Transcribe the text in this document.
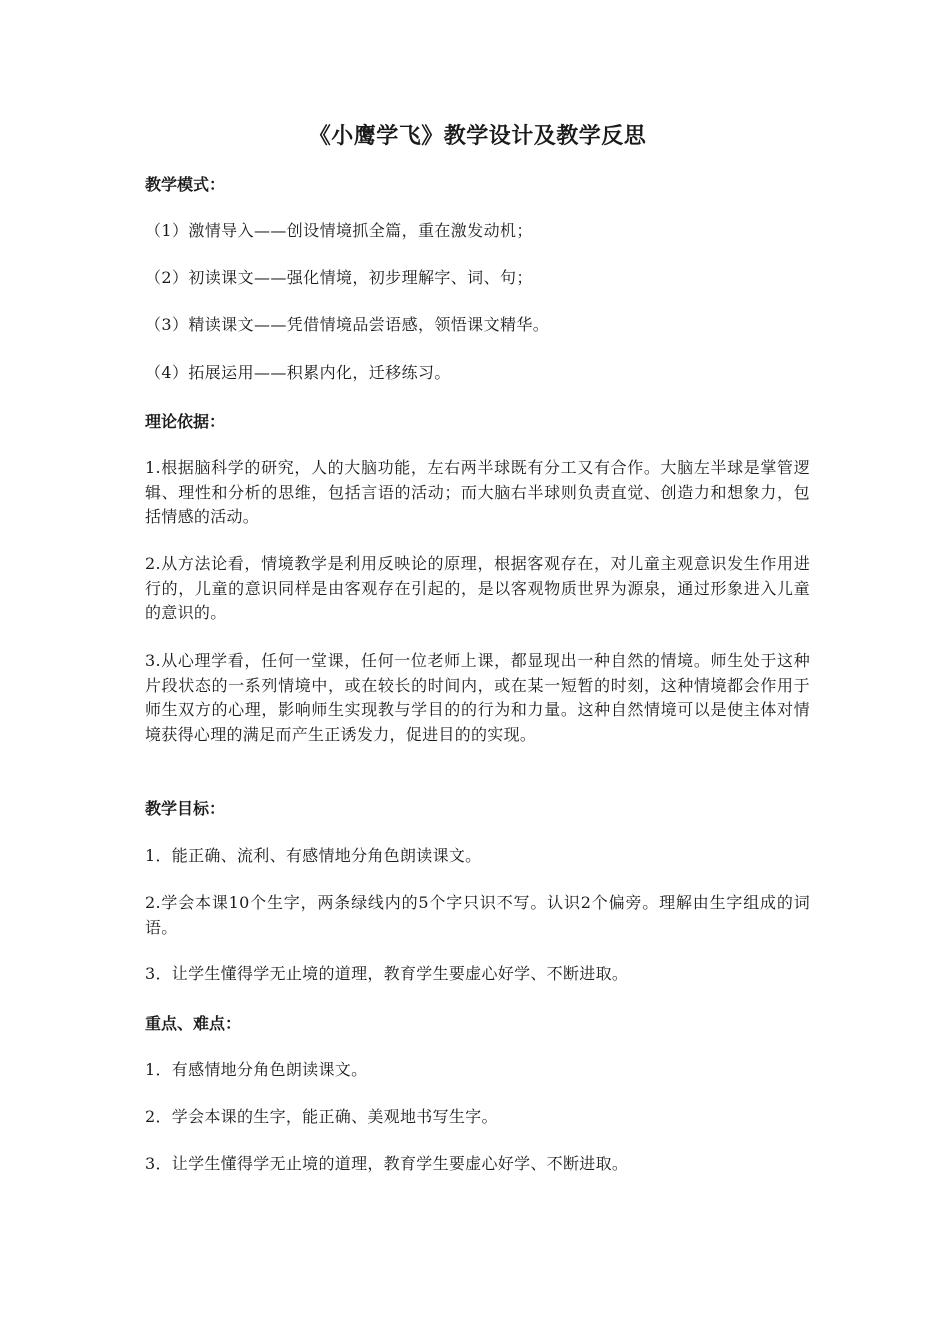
《小鹰学飞》教学设计及教学反思
教学模式：
（1）激情导入——创设情境抓全篇，重在激发动机；
（2）初读课文——强化情境，初步理解字、词、句；
（3）精读课文——凭借情境品尝语感，领悟课文精华。
（4）拓展运用——积累内化，迁移练习。
理论依据：
1.根据脑科学的研究，人的大脑功能，左右两半球既有分工又有合作。大脑左半球是掌管逻辑、理性和分析的思维，包括言语的活动；而大脑右半球则负责直觉、创造力和想象力，包括情感的活动。
2.从方法论看，情境教学是利用反映论的原理，根据客观存在，对儿童主观意识发生作用进行的，儿童的意识同样是由客观存在引起的，是以客观物质世界为源泉，通过形象进入儿童的意识的。
3.从心理学看，任何一堂课，任何一位老师上课，都显现出一种自然的情境。师生处于这种片段状态的一系列情境中，或在较长的时间内，或在某一短暂的时刻，这种情境都会作用于师生双方的心理，影响师生实现教与学目的的行为和力量。这种自然情境可以是使主体对情境获得心理的满足而产生正诱发力，促进目的的实现。
教学目标：
1．能正确、流利、有感情地分角色朗读课文。
2.学会本课10个生字，两条绿线内的5个字只识不写。认识2个偏旁。理解由生字组成的词语。
3．让学生懂得学无止境的道理，教育学生要虚心好学、不断进取。
重点、难点：
1．有感情地分角色朗读课文。
2．学会本课的生字，能正确、美观地书写生字。
3．让学生懂得学无止境的道理，教育学生要虚心好学、不断进取。
